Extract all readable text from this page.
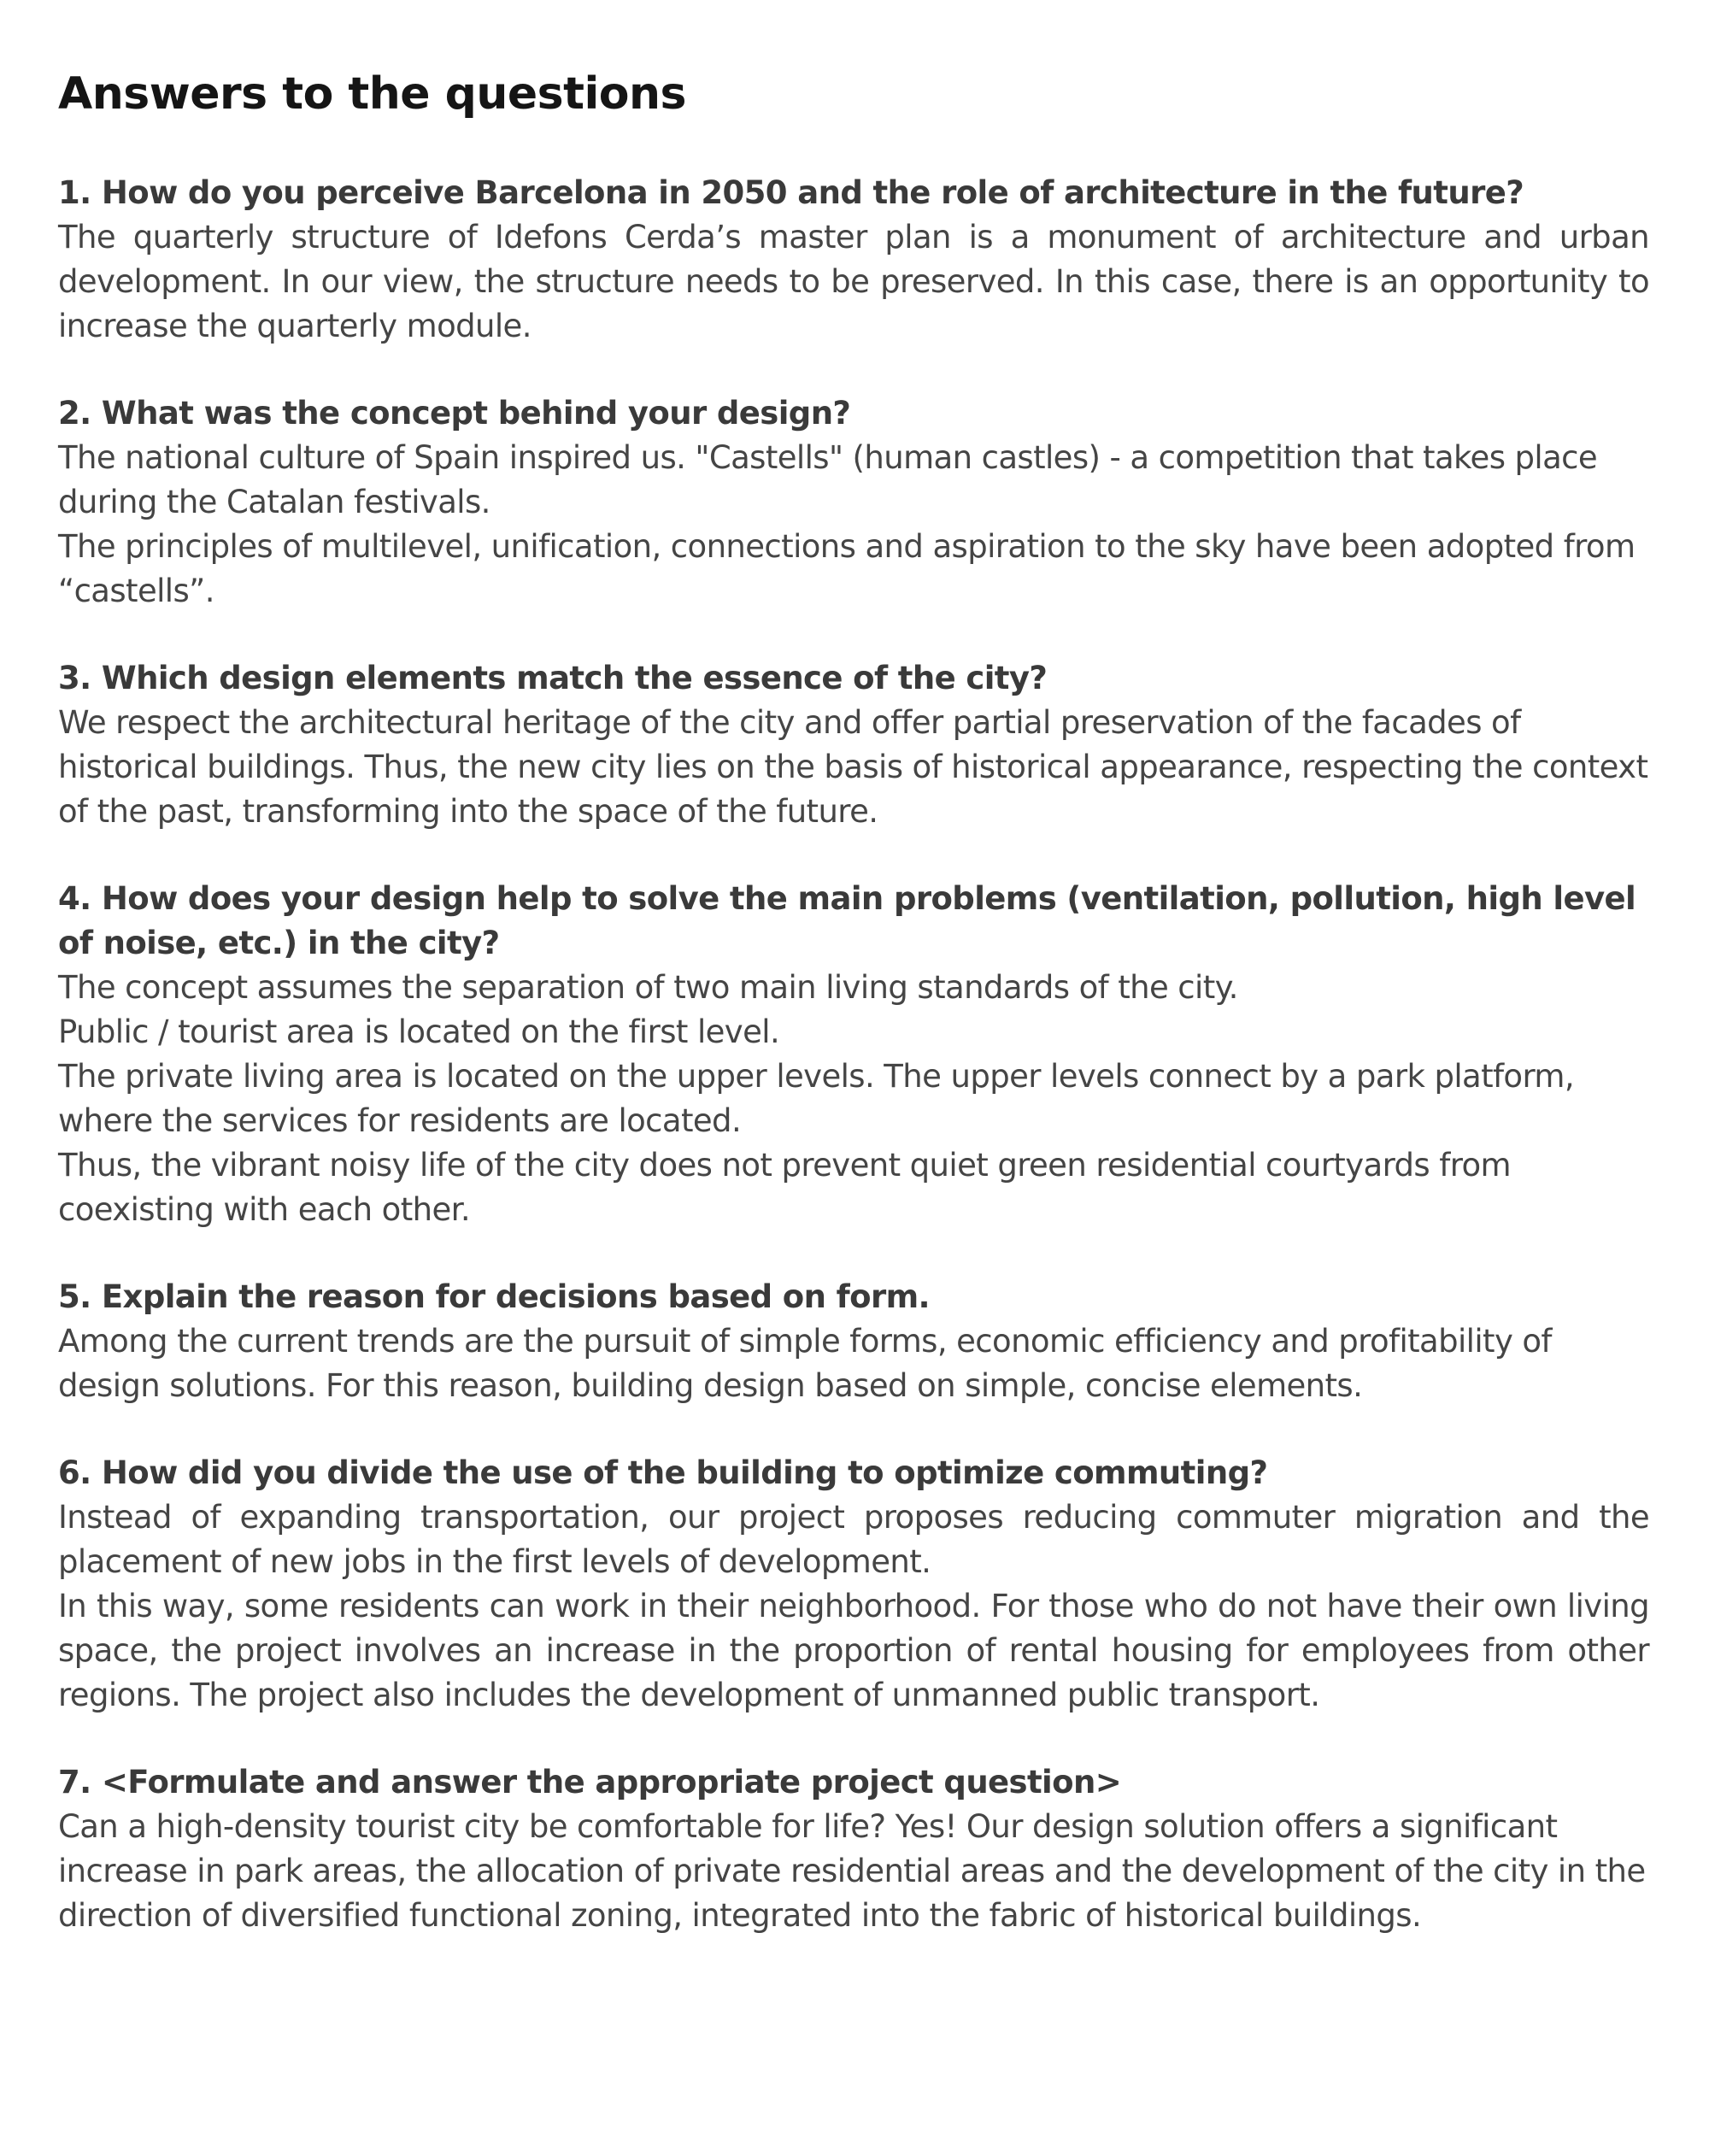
Answers to the questions

1. How do you perceive Barcelona in 2050 and the role of architecture in the future?

The quarterly structure of Idefons Cerda’s master plan is a monument of architecture and urban development. In our view, the structure needs to be preserved. In this case, there is an opportunity to increase the quarterly module.

2. What was the concept behind your design?

The national culture of Spain inspired us. "Castells" (human castles) - a competition that takes place during the Catalan festivals.

The principles of multilevel, unification, connections and aspiration to the sky have been adopted from “castells”.

3. Which design elements match the essence of the city?

We respect the architectural heritage of the city and offer partial preservation of the facades of historical buildings. Thus, the new city lies on the basis of historical appearance, respecting the context of the past, transforming into the space of the future.

4. How does your design help to solve the main problems (ventilation, pollution, high level of noise, etc.) in the city?

The concept assumes the separation of two main living standards of the city.

Public / tourist area is located on the first level.

The private living area is located on the upper levels. The upper levels connect by a park platform, where the services for residents are located.

Thus, the vibrant noisy life of the city does not prevent quiet green residential courtyards from coexisting with each other.

5. Explain the reason for decisions based on form.

Among the current trends are the pursuit of simple forms, economic efficiency and profitability of design solutions. For this reason, building design based on simple, concise elements.

6. How did you divide the use of the building to optimize commuting?

Instead of expanding transportation, our project proposes reducing commuter migration and the placement of new jobs in the first levels of development.

In this way, some residents can work in their neighborhood. For those who do not have their own living space, the project involves an increase in the proportion of rental housing for employees from other regions. The project also includes the development of unmanned public transport.

7. <Formulate and answer the appropriate project question>

Can a high-density tourist city be comfortable for life? Yes! Our design solution offers a significant increase in park areas, the allocation of private residential areas and the development of the city in the direction of diversified functional zoning, integrated into the fabric of historical buildings.
